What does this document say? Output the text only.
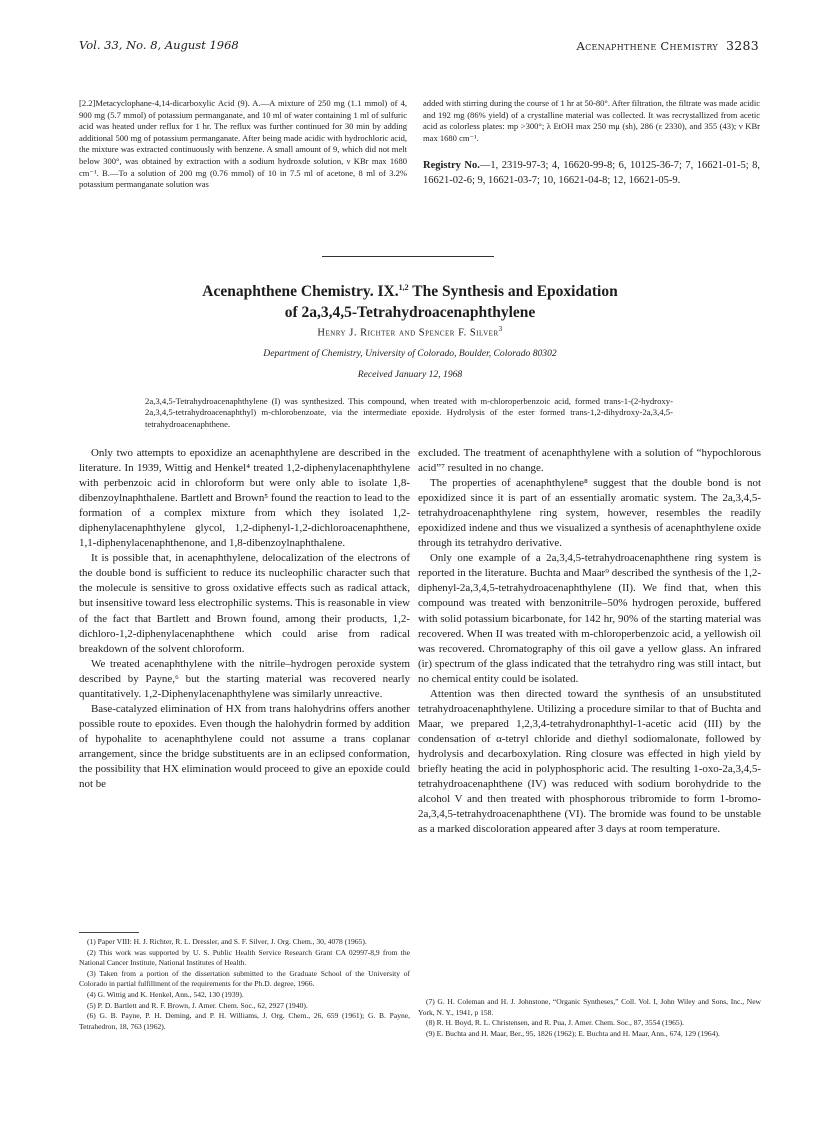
Vol. 33, No. 8, August 1968	Acenaphthene Chemistry 3283

[2.2]Metacyclophane-4,14-dicarboxylic Acid (9). A.—A mixture of 250 mg (1.1 mmol) of 4, 900 mg (5.7 mmol) of potassium permanganate, and 10 ml of water containing 1 ml of sulfuric acid was heated under reflux for 1 hr. The reflux was further continued for 30 min by adding additional 500 mg of potassium permanganate. After being made acidic with hydrochloric acid, the mixture was extracted continuously with benzene. A small amount of 9, which did not melt below 300°, was obtained by extraction with a sodium hydroxde solution, ν KBr max 1680 cm⁻¹. B.—To a solution of 200 mg (0.76 mmol) of 10 in 7.5 ml of acetone, 8 ml of 3.2% potassium permanganate solution was

added with stirring during the course of 1 hr at 50-80°. After filtration, the filtrate was made acidic and 192 mg (86% yield) of a crystalline material was collected. It was recrystallized from acetic acid as colorless plates: mp >300°; λ EtOH max 250 mμ (sh), 286 (ε 2330), and 355 (43); ν KBr max 1680 cm⁻¹.

Registry No.—1, 2319-97-3; 4, 16620-99-8; 6, 10125-36-7; 7, 16621-01-5; 8, 16621-02-6; 9, 16621-03-7; 10, 16621-04-8; 12, 16621-05-9.

Acenaphthene Chemistry. IX.$^{1,2}$ The Synthesis and Epoxidation
of 2a,3,4,5-Tetrahydroacenaphthylene
Henry J. Richter and Spencer F. Silver$^3$
Department of Chemistry, University of Colorado, Boulder, Colorado 80302
Received January 12, 1968
2a,3,4,5-Tetrahydroacenaphthylene (I) was synthesized. This compound, when treated with m-chloroperbenzoic acid, formed trans-1-(2-hydroxy-2a,3,4,5-tetrahydroacenaphthyl) m-chlorobenzoate, via the intermediate epoxide. Hydrolysis of the ester formed trans-1,2-dihydroxy-2a,3,4,5-tetrahydroacenaphthene.

Only two attempts to epoxidize an acenaphthylene are described in the literature. In 1939, Wittig and Henkel⁴ treated 1,2-diphenylacenaphthylene with perbenzoic acid in chloroform but were only able to isolate 1,8-dibenzoylnaphthalene. Bartlett and Brown⁵ found the reaction to lead to the formation of a complex mixture from which they isolated 1,2-diphenylacenaphthylene glycol, 1,2-diphenyl-1,2-dichloroacenaphthene, 1,1-diphenylacenaphthenone, and 1,8-dibenzoylnaphthalene.

It is possible that, in acenaphthylene, delocalization of the electrons of the double bond is sufficient to reduce its nucleophilic character such that the molecule is sensitive to gross oxidative effects such as radical attack, but insensitive toward less electrophilic systems. This is reasonable in view of the fact that Bartlett and Brown found, among their products, 1,2-dichloro-1,2-diphenylacenaphthene which could arise from radical breakdown of the solvent chloroform.

We treated acenaphthylene with the nitrile–hydrogen peroxide system described by Payne,⁶ but the starting material was recovered nearly quantitatively. 1,2-Diphenylacenaphthylene was similarly unreactive.

Base-catalyzed elimination of HX from trans halohydrins offers another possible route to epoxides. Even though the halohydrin formed by addition of hypohalite to acenaphthylene could not assume a trans coplanar arrangement, since the bridge substituents are in an eclipsed conformation, the possibility that HX elimination would proceed to give an epoxide could not be

excluded. The treatment of acenaphthylene with a solution of “hypochlorous acid”⁷ resulted in no change.

The properties of acenaphthylene⁸ suggest that the double bond is not epoxidized since it is part of an essentially aromatic system. The 2a,3,4,5-tetrahydroacenaphthylene ring system, however, resembles the readily epoxidized indene and thus we visualized a synthesis of acenaphthylene oxide through its tetrahydro derivative.

Only one example of a 2a,3,4,5-tetrahydroacenaphthene ring system is reported in the literature. Buchta and Maar⁹ described the synthesis of the 1,2-diphenyl-2a,3,4,5-tetrahydroacenaphthylene (II). We find that, when this compound was treated with benzonitrile–50% hydrogen peroxide, buffered with solid potassium bicarbonate, for 142 hr, 90% of the starting material was recovered. When II was treated with m-chloroperbenzoic acid, a yellowish oil was recovered. Chromatography of this oil gave a yellow glass. An infrared (ir) spectrum of the glass indicated that the tetrahydro ring was still intact, but no chemical entity could be isolated.

Attention was then directed toward the synthesis of an unsubstituted tetrahydroacenaphthylene. Utilizing a procedure similar to that of Buchta and Maar, we prepared 1,2,3,4-tetrahydronaphthyl-1-acetic acid (III) by the condensation of α-tetryl chloride and diethyl sodiomalonate, followed by hydrolysis and decarboxylation. Ring closure was effected in high yield by briefly heating the acid in polyphosphoric acid. The resulting 1-oxo-2a,3,4,5-tetrahydroacenaphthene (IV) was reduced with sodium borohydride to the alcohol V and then treated with phosphorous tribromide to form 1-bromo-2a,3,4,5-tetrahydroacenaphthene (VI). The bromide was found to be unstable as a marked discoloration appeared after 3 days at room temperature.

(1) Paper VIII: H. J. Richter, R. L. Dressler, and S. F. Silver, J. Org. Chem., 30, 4078 (1965).
(2) This work was supported by U. S. Public Health Service Research Grant CA 02997-8,9 from the National Cancer Institute, National Institutes of Health.
(3) Taken from a portion of the dissertation submitted to the Graduate School of the University of Colorado in partial fulfillment of the requirements for the Ph.D. degree, 1966.
(4) G. Wittig and K. Henkel, Ann., 542, 130 (1939).
(5) P. D. Bartlett and R. F. Brown, J. Amer. Chem. Soc., 62, 2927 (1940).
(6) G. B. Payne, P. H. Deming, and P. H. Williams, J. Org. Chem., 26, 659 (1961); G. B. Payne, Tetrahedron, 18, 763 (1962).
(7) G. H. Coleman and H. J. Johnstone, “Organic Syntheses,” Coll. Vol. I, John Wiley and Sons, Inc., New York, N. Y., 1941, p 158.
(8) R. H. Boyd, R. L. Christensen, and R. Pua, J. Amer. Chem. Soc., 87, 3554 (1965).
(9) E. Buchta and H. Maar, Ber., 95, 1826 (1962); E. Buchta and H. Maar, Ann., 674, 129 (1964).
